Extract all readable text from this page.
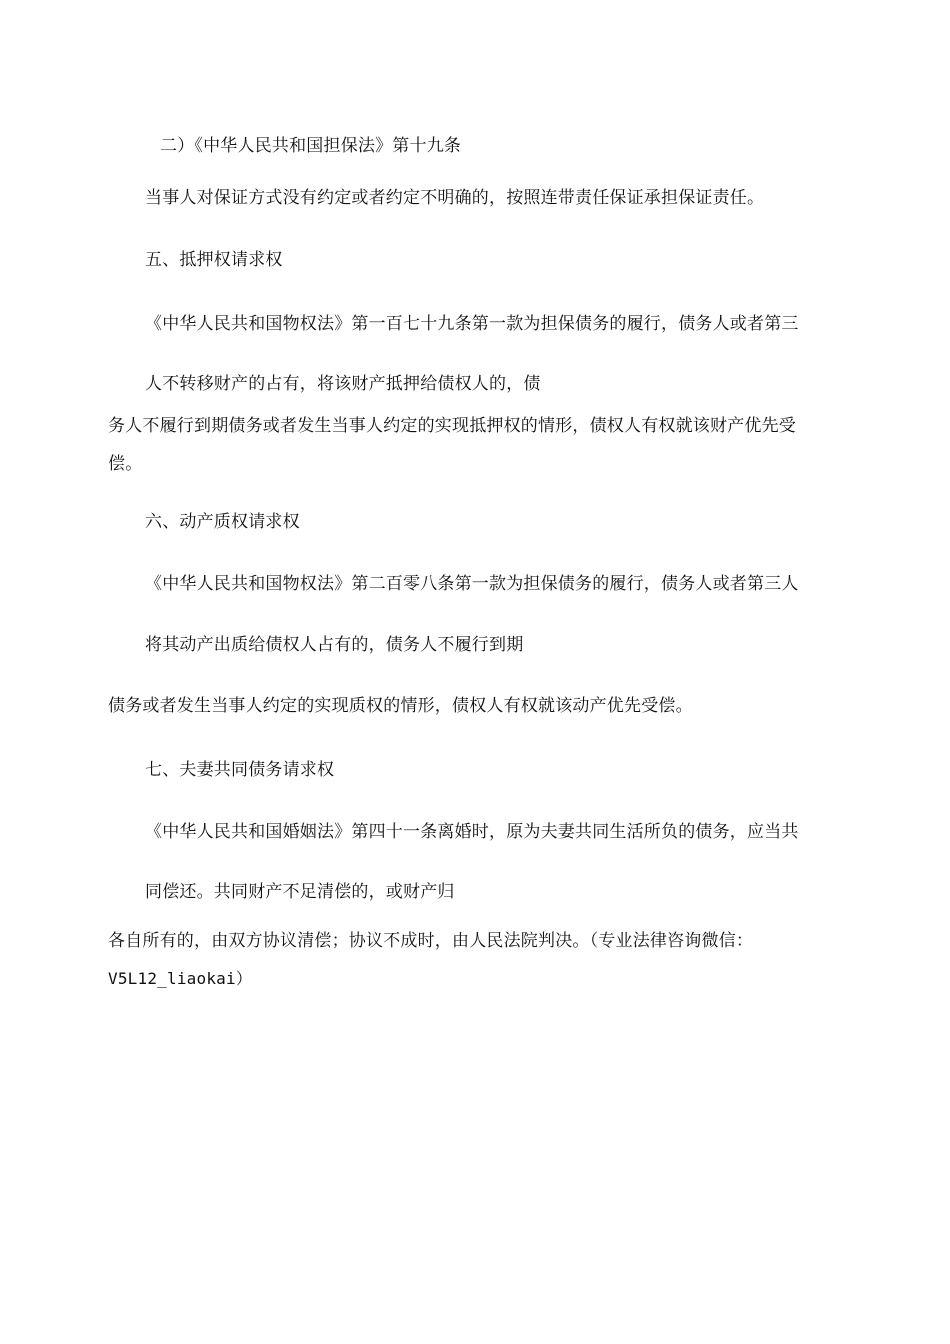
二）《中华人民共和国担保法》第十九条

当事人对保证方式没有约定或者约定不明确的，按照连带责任保证承担保证责任。

五、抵押权请求权

《中华人民共和国物权法》第一百七十九条第一款为担保债务的履行，债务人或者第三

人不转移财产的占有，将该财产抵押给债权人的，债

务人不履行到期债务或者发生当事人约定的实现抵押权的情形，债权人有权就该财产优先受

偿。

六、动产质权请求权

《中华人民共和国物权法》第二百零八条第一款为担保债务的履行，债务人或者第三人

将其动产出质给债权人占有的，债务人不履行到期

债务或者发生当事人约定的实现质权的情形，债权人有权就该动产优先受偿。

七、夫妻共同债务请求权

《中华人民共和国婚姻法》第四十一条离婚时，原为夫妻共同生活所负的债务，应当共

同偿还。共同财产不足清偿的，或财产归

各自所有的，由双方协议清偿；协议不成时，由人民法院判决。（专业法律咨询微信：

V5L12_liaokai）
